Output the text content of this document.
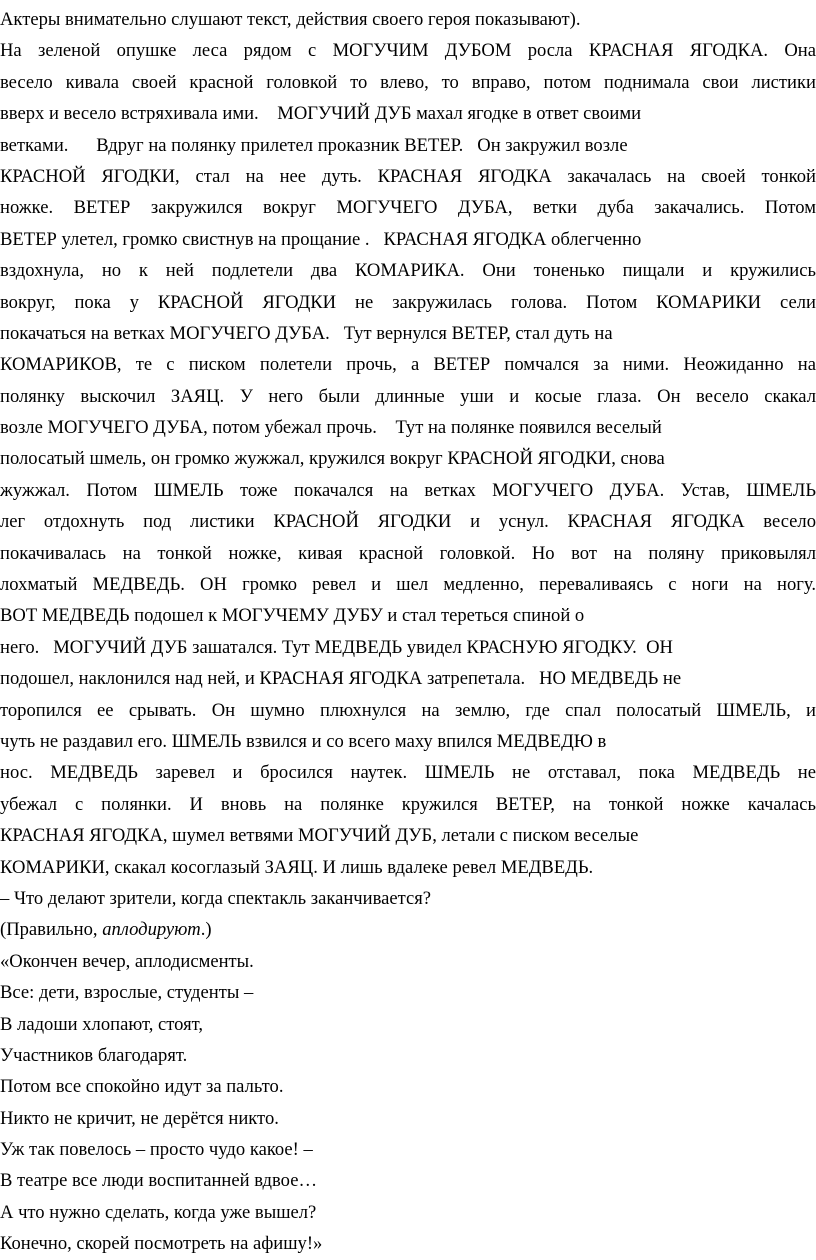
Актеры внимательно слушают текст, действия своего героя показывают).
На зеленой опушке леса рядом с МОГУЧИМ ДУБОМ росла КРАСНАЯ ЯГОДКА. Она
весело кивала своей красной головкой то влево, то вправо, потом поднимала свои листики
вверх и весело встряхивала ими.    МОГУЧИЙ ДУБ махал ягодке в ответ своими
ветками.      Вдруг на полянку прилетел проказник ВЕТЕР.   Он закружил возле
КРАСНОЙ ЯГОДКИ, стал на нее дуть. КРАСНАЯ ЯГОДКА закачалась на своей тонкой
ножке. ВЕТЕР закружился вокруг МОГУЧЕГО ДУБА, ветки дуба закачались. Потом
ВЕТЕР улетел, громко свистнув на прощание .   КРАСНАЯ ЯГОДКА облегченно
вздохнула, но к ней подлетели два КОМАРИКА. Они тоненько пищали и кружились
вокруг, пока у КРАСНОЙ ЯГОДКИ не закружилась голова. Потом КОМАРИКИ сели
покачаться на ветках МОГУЧЕГО ДУБА.   Тут вернулся ВЕТЕР, стал дуть на
КОМАРИКОВ, те с писком полетели прочь, а ВЕТЕР помчался за ними. Неожиданно на
полянку выскочил ЗАЯЦ. У него были длинные уши и косые глаза. Он весело скакал
возле МОГУЧЕГО ДУБА, потом убежал прочь.    Тут на полянке появился веселый
полосатый шмель, он громко жужжал, кружился вокруг КРАСНОЙ ЯГОДКИ, снова
жужжал. Потом ШМЕЛЬ тоже покачался на ветках МОГУЧЕГО ДУБА. Устав, ШМЕЛЬ
лег отдохнуть под листики КРАСНОЙ ЯГОДКИ и уснул. КРАСНАЯ ЯГОДКА весело
покачивалась на тонкой ножке, кивая красной головкой. Но вот на поляну приковылял
лохматый МЕДВЕДЬ. ОН громко ревел и шел медленно, переваливаясь с ноги на ногу.
ВОТ МЕДВЕДЬ подошел к МОГУЧЕМУ ДУБУ и стал тереться спиной о
него.   МОГУЧИЙ ДУБ зашатался. Тут МЕДВЕДЬ увидел КРАСНУЮ ЯГОДКУ.  ОН
подошел, наклонился над ней, и КРАСНАЯ ЯГОДКА затрепетала.   НО МЕДВЕДЬ не
торопился ее срывать. Он шумно плюхнулся на землю, где спал полосатый ШМЕЛЬ, и
чуть не раздавил его. ШМЕЛЬ взвился и со всего маху впился МЕДВЕДЮ в
нос. МЕДВЕДЬ заревел и бросился наутек. ШМЕЛЬ не отставал, пока МЕДВЕДЬ не
убежал с полянки. И вновь на полянке кружился ВЕТЕР, на тонкой ножке качалась
КРАСНАЯ ЯГОДКА, шумел ветвями МОГУЧИЙ ДУБ, летали с писком веселые
КОМАРИКИ, скакал косоглазый ЗАЯЦ. И лишь вдалеке ревел МЕДВЕДЬ.
– Что делают зрители, когда спектакль заканчивается?
(Правильно, аплодируют.)
«Окончен вечер, аплодисменты.
Все: дети, взрослые, студенты –
В ладоши хлопают, стоят,
Участников благодарят.
Потом все спокойно идут за пальто.
Никто не кричит, не дерётся никто.
Уж так повелось – просто чудо какое! –
В театре все люди воспитанней вдвое…
А что нужно сделать, когда уже вышел?
Конечно, скорей посмотреть на афишу!»
